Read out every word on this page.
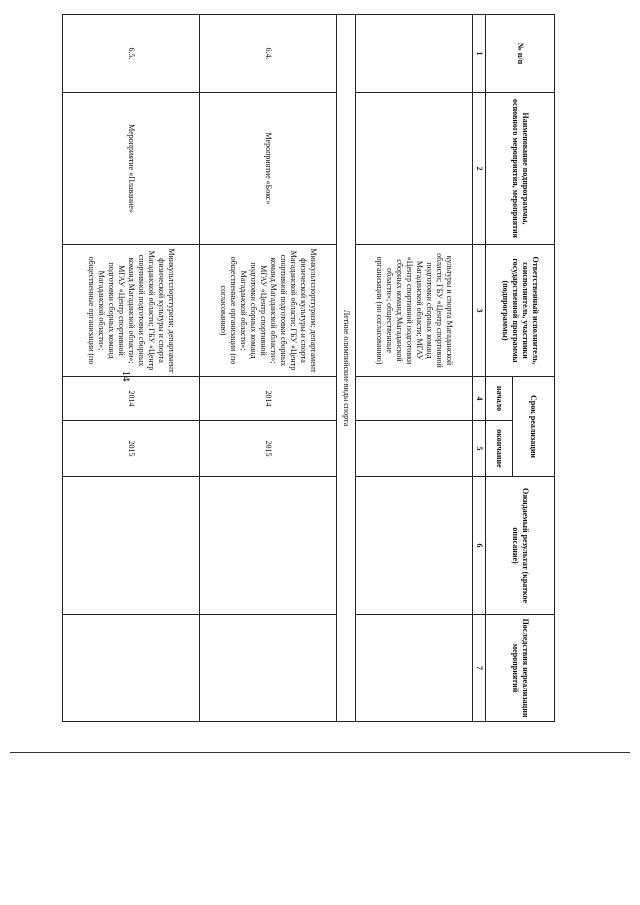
14
№ п/п	Наименование подпрограммы, основного мероприятия, мероприятия	Ответственный исполнитель, соисполнитель, участники государственной программы (подпрограммы)	Срок реализации		Ожидаемый результат (краткое описание)	Последствия нереализации мероприятий
			начало	окончание		
1	2	3	4	5	6	7
		культуры и спорта Магаданской области; ГБУ «Центр спортивной подготовки сборных команд Магаданской области; МГАУ «Центр спортивной подготовки сборных команд Магаданской области»; общественные организации (по согласованию)				
Летние олимпийские виды спорта						
6.4.	Мероприятие «Бокс»	Минкультспорттуризм; департамент физической культуры и спорта Магаданской области; ГБУ «Центр спортивной подготовки сборных команд Магаданской области»; МГАУ «Центр спортивной подготовки сборных команд Магаданской области»; общественные организации (по согласованию)	2014	2015		
6.5.	Мероприятие «Плавание»	Минкультспорттуризм; департамент физической культуры и спорта Магаданской области; ГБУ «Центр спортивной подготовки сборных команд Магаданской области»; МГАУ «Центр спортивной подготовки сборных команд Магаданской области»; общественные организации (по	2014	2015		
